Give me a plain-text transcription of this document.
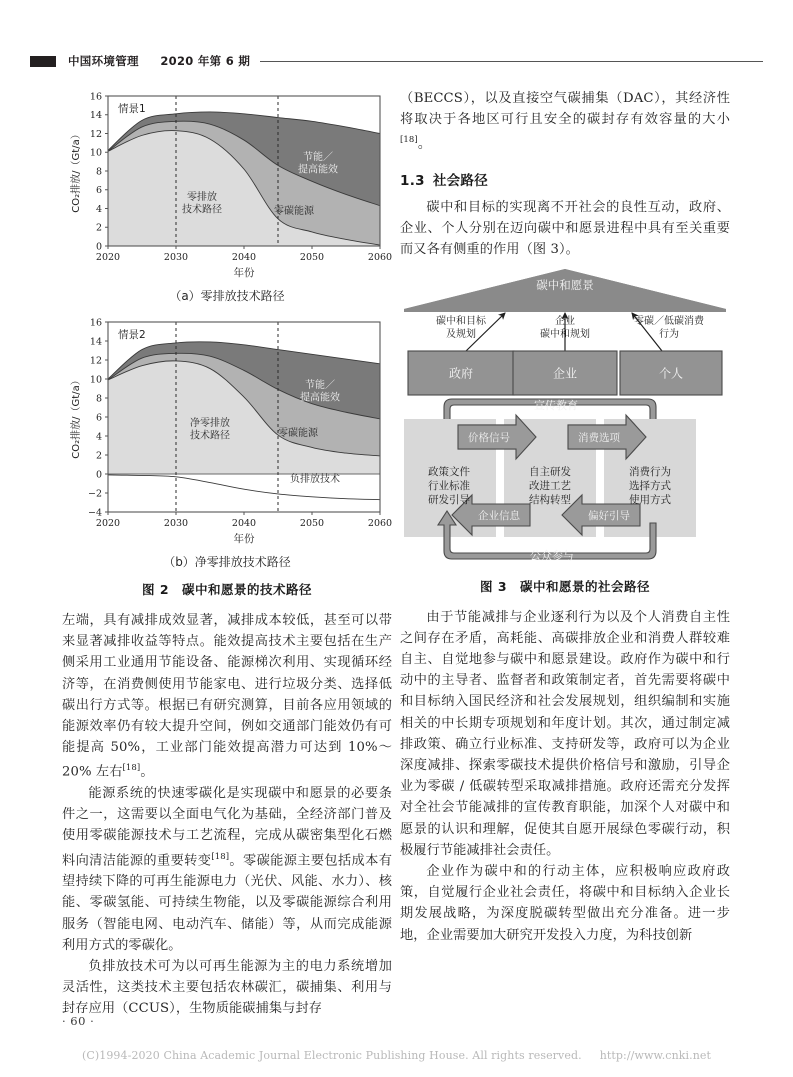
中国环境管理 2020 年第 6 期
0
2
4
6
8
10
12
14
16
2020	2030	2040	2050	2060
CO₂排放/（Gt/a）
年份
情景1
节能／
提高能效
零碳能源
零排放
技术路径
（a）零排放技术路径
−4
−2
0
2
4
6
8
10
12
14
16
2020	2030	2040	2050	2060
CO₂排放/（Gt/a）
年份
情景2
节能／
提高能效
零碳能源
净零排放
技术路径
负排放技术
（b）净零排放技术路径
图 2　碳中和愿景的技术路径

左端，具有减排成效显著，减排成本较低，甚至可以带来显著减排收益等特点。能效提高技术主要包括在生产侧采用工业通用节能设备、能源梯次利用、实现循环经济等，在消费侧使用节能家电、进行垃圾分类、选择低碳出行方式等。根据已有研究测算，目前各应用领域的能源效率仍有较大提升空间，例如交通部门能效仍有可能提高 50%，工业部门能效提高潜力可达到 10%～20% 左右[18]。

能源系统的快速零碳化是实现碳中和愿景的必要条件之一，这需要以全面电气化为基础，全经济部门普及使用零碳能源技术与工艺流程，完成从碳密集型化石燃料向清洁能源的重要转变[18]。零碳能源主要包括成本有望持续下降的可再生能源电力（光伏、风能、水力）、核能、零碳氢能、可持续生物能，以及零碳能源综合利用服务（智能电网、电动汽车、储能）等，从而完成能源利用方式的零碳化。

负排放技术可为以可再生能源为主的电力系统增加灵活性，这类技术主要包括农林碳汇，碳捕集、利用与封存应用（CCUS），生物质能碳捕集与封存

（BECCS），以及直接空气碳捕集（DAC），其经济性将取决于各地区可行且安全的碳封存有效容量的大小[18]。

1.3 社会路径

碳中和目标的实现离不开社会的良性互动，政府、企业、个人分别在迈向碳中和愿景进程中具有至关重要而又各有侧重的作用（图 3）。

碳中和愿景
碳中和目标
及规划
企业
碳中和规划
零碳／低碳消费
行为
政府	企业	个人
宣传教育
价格信号	消费选项
企业信息	偏好引导
政策文件
行业标准
研发引导
自主研发
改进工艺
结构转型
消费行为
选择方式
使用方式
公众参与
图 3　碳中和愿景的社会路径

由于节能减排与企业逐利行为以及个人消费自主性之间存在矛盾，高耗能、高碳排放企业和消费人群较难自主、自觉地参与碳中和愿景建设。政府作为碳中和行动中的主导者、监督者和政策制定者，首先需要将碳中和目标纳入国民经济和社会发展规划，组织编制和实施相关的中长期专项规划和年度计划。其次，通过制定减排政策、确立行业标准、支持研发等，政府可以为企业深度减排、探索零碳技术提供价格信号和激励，引导企业为零碳 / 低碳转型采取减排措施。政府还需充分发挥对全社会节能减排的宣传教育职能，加深个人对碳中和愿景的认识和理解，促使其自愿开展绿色零碳行动，积极履行节能减排社会责任。

企业作为碳中和的行动主体，应积极响应政府政策，自觉履行企业社会责任，将碳中和目标纳入企业长期发展战略，为深度脱碳转型做出充分准备。进一步地，企业需要加大研究开发投入力度，为科技创新

· 60 ·
(C)1994-2020 China Academic Journal Electronic Publishing House. All rights reserved. http://www.cnki.net
